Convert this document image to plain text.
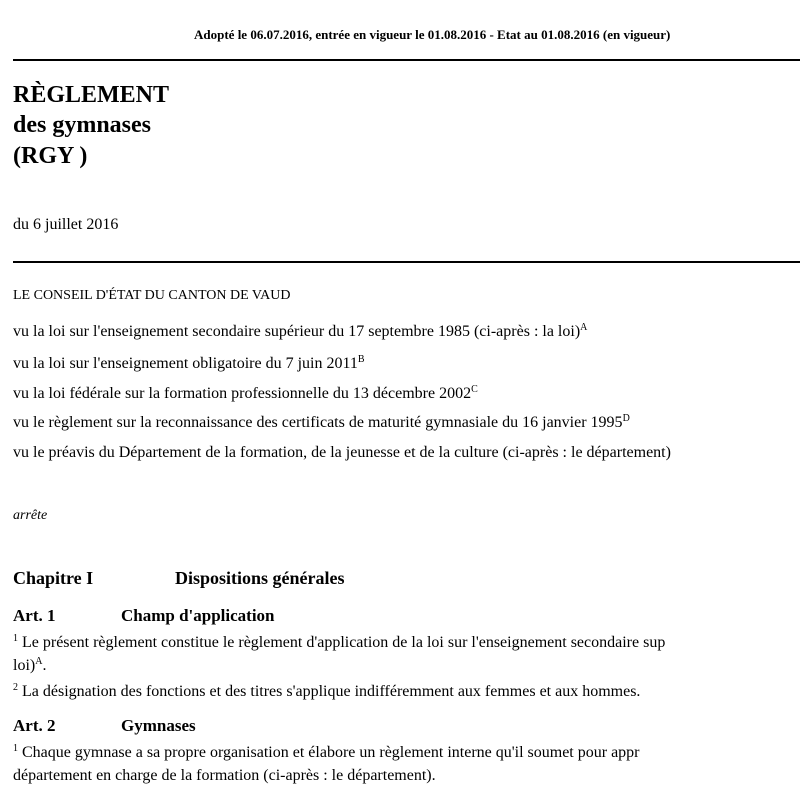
Adopté le 06.07.2016, entrée en vigueur le 01.08.2016 - Etat au 01.08.2016 (en vigueur)
RÈGLEMENT
des gymnases
(RGY )
du 6 juillet 2016
LE CONSEIL D'ÉTAT DU CANTON DE VAUD
vu la loi sur l'enseignement secondaire supérieur du 17 septembre 1985 (ci-après : la loi)$^A$
vu la loi sur l'enseignement obligatoire du 7 juin $2011^B$
vu la loi fédérale sur la formation professionnelle du 13 décembre $2002^C$
vu le règlement sur la reconnaissance des certificats de maturité gymnasiale du 16 janvier $1995^D$
vu le préavis du Département de la formation, de la jeunesse et de la culture (ci-après : le département)
arrête
Chapitre I	Dispositions générales
Art. 1	Champ d'application
$^1$ Le présent règlement constitue le règlement d'application de la loi sur l'enseignement secondaire sup
loi)$^A$.
$^2$ La désignation des fonctions et des titres s'applique indifféremment aux femmes et aux hommes.
Art. 2	Gymnases
$^1$ Chaque gymnase a sa propre organisation et élabore un règlement interne qu'il soumet pour appr
département en charge de la formation (ci-après : le département).
